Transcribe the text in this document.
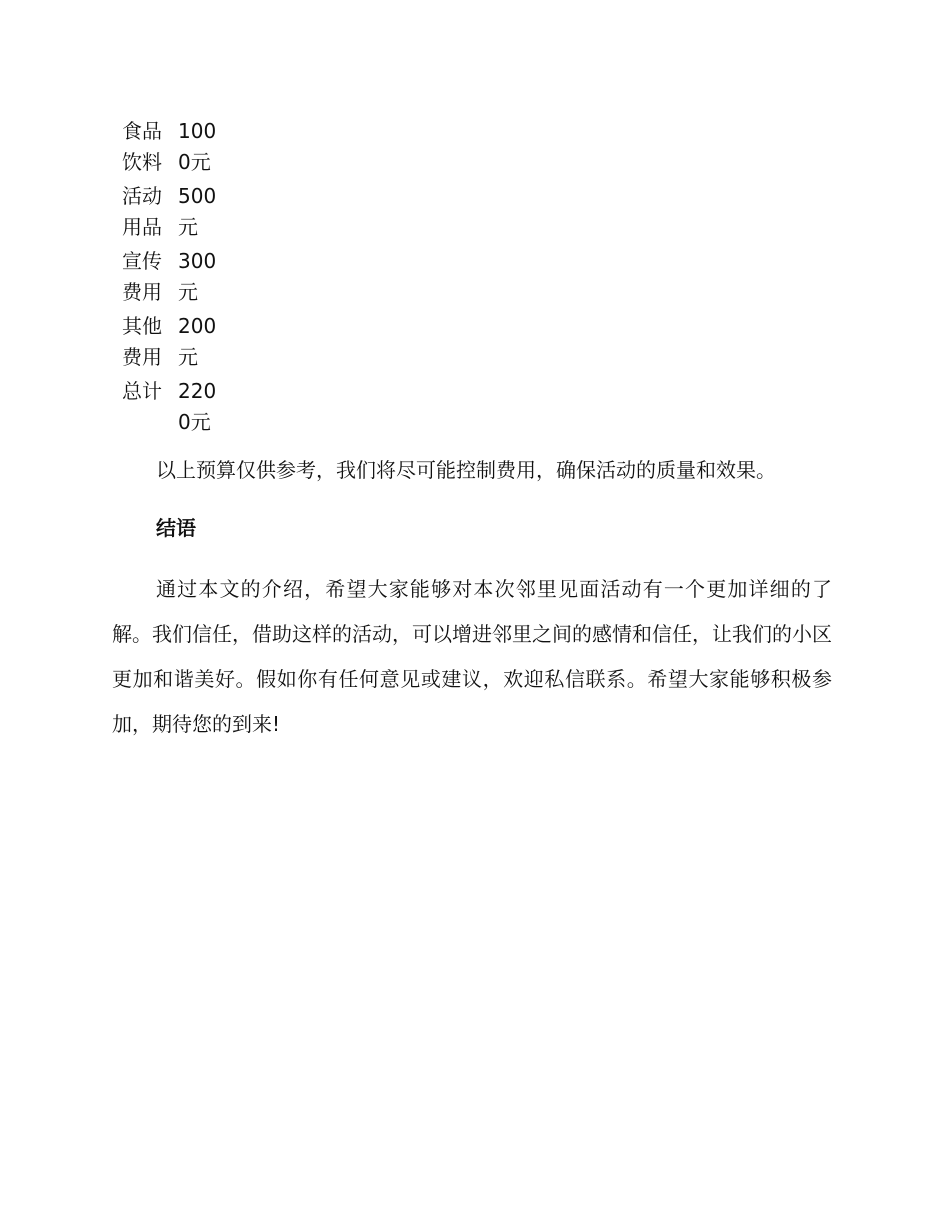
食品饮料	1000元
活动用品	500元
宣传费用	300元
其他费用	200元
总计	2200元

以上预算仅供参考，我们将尽可能控制费用，确保活动的质量和效果。

结语

通过本文的介绍，希望大家能够对本次邻里见面活动有一个更加详细的了解。我们信任，借助这样的活动，可以增进邻里之间的感情和信任，让我们的小区更加和谐美好。假如你有任何意见或建议，欢迎私信联系。希望大家能够积极参加，期待您的到来!
